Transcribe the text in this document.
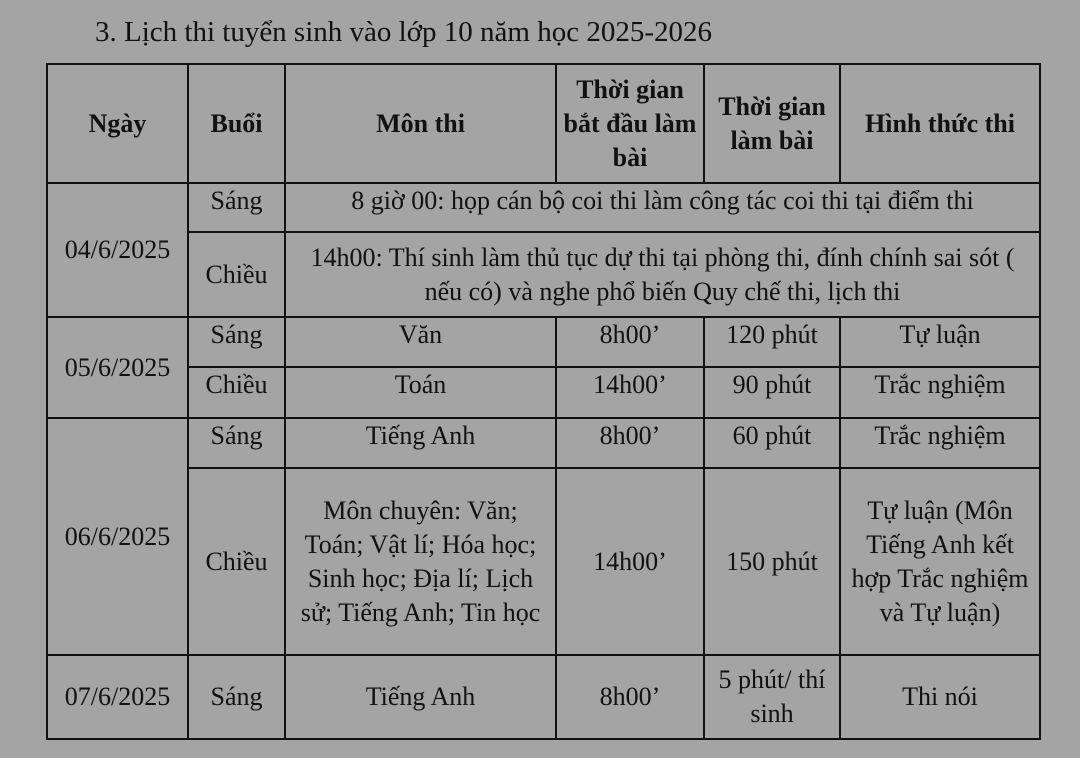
3. Lịch thi tuyển sinh vào lớp 10 năm học 2025-2026
Ngày	Buổi	Môn thi	Thời gian bắt đầu làm bài	Thời gian làm bài	Hình thức thi
04/6/2025	Sáng	8 giờ 00: họp cán bộ coi thi làm công tác coi thi tại điểm thi			
	Chiều	14h00: Thí sinh làm thủ tục dự thi tại phòng thi, đính chính sai sót ( nếu có) và nghe phổ biến Quy chế thi, lịch thi			
05/6/2025	Sáng	Văn	8h00’	120 phút	Tự luận
	Chiều	Toán	14h00’	90 phút	Trắc nghiệm
06/6/2025	Sáng	Tiếng Anh	8h00’	60 phút	Trắc nghiệm
	Chiều	Môn chuyên: Văn; Toán; Vật lí; Hóa học; Sinh học; Địa lí; Lịch sử; Tiếng Anh; Tin học	14h00’	150 phút	Tự luận (Môn Tiếng Anh kết hợp Trắc nghiệm và Tự luận)
07/6/2025	Sáng	Tiếng Anh	8h00’	5 phút/ thí sinh	Thi nói
